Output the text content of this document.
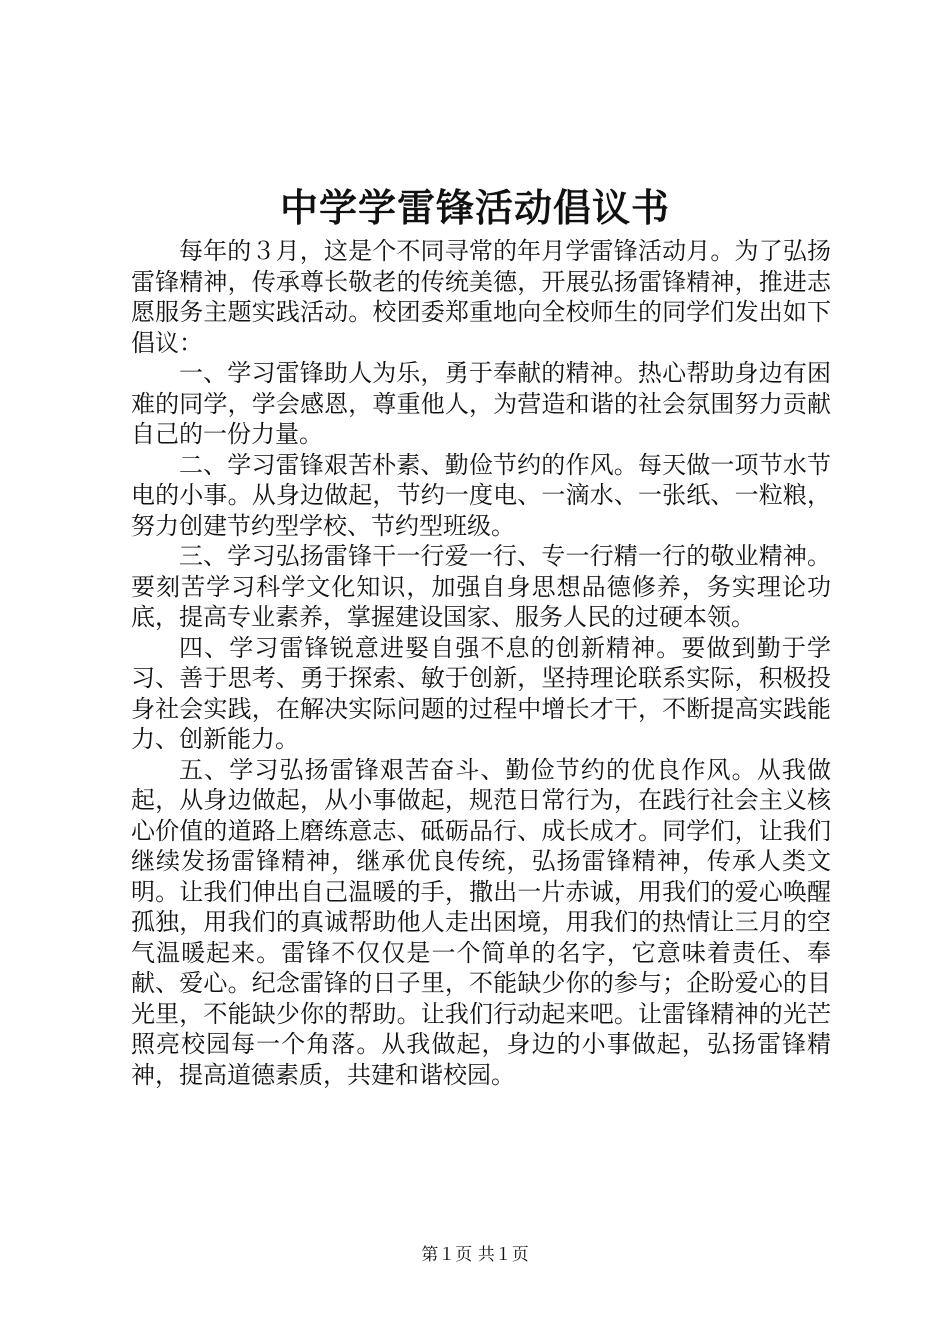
中学学雷锋活动倡议书

每年的３月，这是个不同寻常的年月学雷锋活动月。为了弘扬雷锋精神，传承尊长敬老的传统美德，开展弘扬雷锋精神，推进志愿服务主题实践活动。校团委郑重地向全校师生的同学们发出如下倡议：

一、学习雷锋助人为乐，勇于奉献的精神。热心帮助身边有困难的同学，学会感恩，尊重他人，为营造和谐的社会氛围努力贡献自己的一份力量。

二、学习雷锋艰苦朴素、勤俭节约的作风。每天做一项节水节电的小事。从身边做起，节约一度电、一滴水、一张纸、一粒粮，努力创建节约型学校、节约型班级。

三、学习弘扬雷锋干一行爱一行、专一行精一行的敬业精神。要刻苦学习科学文化知识，加强自身思想品德修养，务实理论功底，提高专业素养，掌握建设国家、服务人民的过硬本领。

四、学习雷锋锐意进婜自强不息的创新精神。要做到勤于学习、善于思考、勇于探索、敏于创新，坚持理论联系实际，积极投身社会实践，在解决实际问题的过程中增长才干，不断提高实践能力、创新能力。

五、学习弘扬雷锋艰苦奋斗、勤俭节约的优良作风。从我做起，从身边做起，从小事做起，规范日常行为，在践行社会主义核心价值的道路上磨练意志、砥砺品行、成长成才。同学们，让我们继续发扬雷锋精神，继承优良传统，弘扬雷锋精神，传承人类文明。让我们伸出自己温暖的手，撒出一片赤诚，用我们的爱心唤醒孤独，用我们的真诚帮助他人走出困境，用我们的热情让三月的空气温暖起来。雷锋不仅仅是一个简单的名字，它意味着责任、奉献、爱心。纪念雷锋的日子里，不能缺少你的参与；企盼爱心的目光里，不能缺少你的帮助。让我们行动起来吧。让雷锋精神的光芒照亮校园每一个角落。从我做起，身边的小事做起，弘扬雷锋精神，提高道德素质，共建和谐校园。

第１页 共１页
